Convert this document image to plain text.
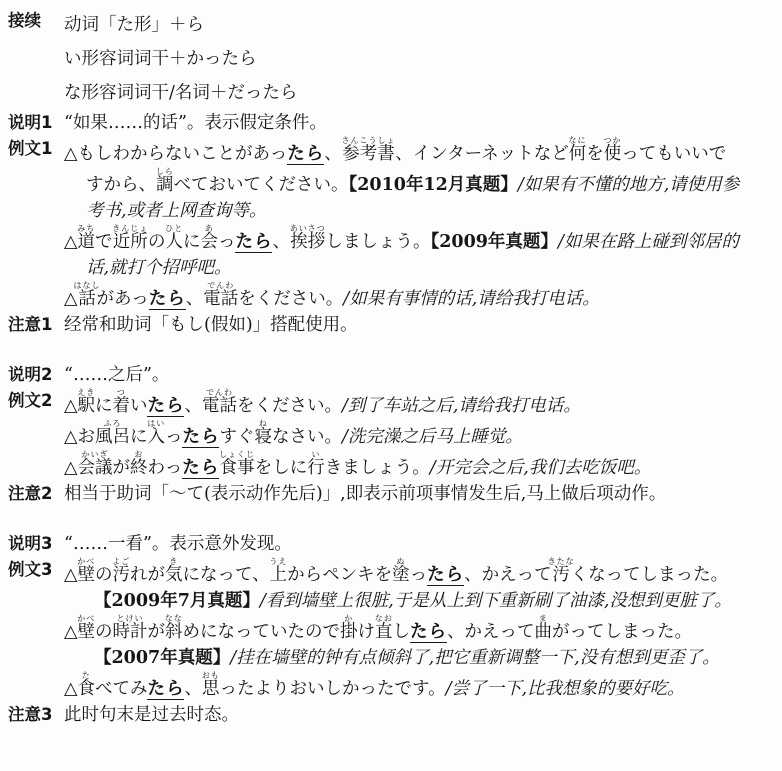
接续	动词「た形」＋ら
い形容词词干＋かったら
な形容词词干/名词＋だったら
说明1 “如果……的话”。表示假定条件。
例文1 △もしわからないことがあったら、参考書さんこうしょ、インターネットなど何なにを使つかってもいいで
すから、調しらべておいてください。【2010年12月真题】/如果有不懂的地方,请使用参
考书,或者上网查询等。
△道みちで近所きんじょの人ひとに会あったら、挨拶あいさつしましょう。【2009年真题】/如果在路上碰到邻居的
话,就打个招呼吧。
△話はなしがあったら、電話でんわをください。/如果有事情的话,请给我打电话。
注意1 经常和助词「もし(假如)」搭配使用。
说明2 “……之后”。
例文2 △駅えきに着ついたら、電話でんわをください。/到了车站之后,请给我打电话。
△お風呂ふろに入はいったらすぐ寝ねなさい。/洗完澡之后马上睡觉。
△会議かいぎが終おわったら食事しょくじをしに行いきましょう。/开完会之后,我们去吃饭吧。
注意2 相当于助词「～て(表示动作先后)」,即表示前项事情发生后,马上做后项动作。
说明3 “……一看”。表示意外发现。
例文3 △壁かべの汚よごれが気きになって、上うえからペンキを塗ぬったら、かえって汚きたなくなってしまった。
【2009年7月真题】/看到墙壁上很脏,于是从上到下重新刷了油漆,没想到更脏了。
△壁かべの時計とけいが斜ななめになっていたので掛かけ直なおしたら、かえって曲まがってしまった。
【2007年真题】/挂在墙壁的钟有点倾斜了,把它重新调整一下,没有想到更歪了。
△食たべてみたら、思おもったよりおいしかったです。/尝了一下,比我想象的要好吃。
注意3 此时句末是过去时态。
